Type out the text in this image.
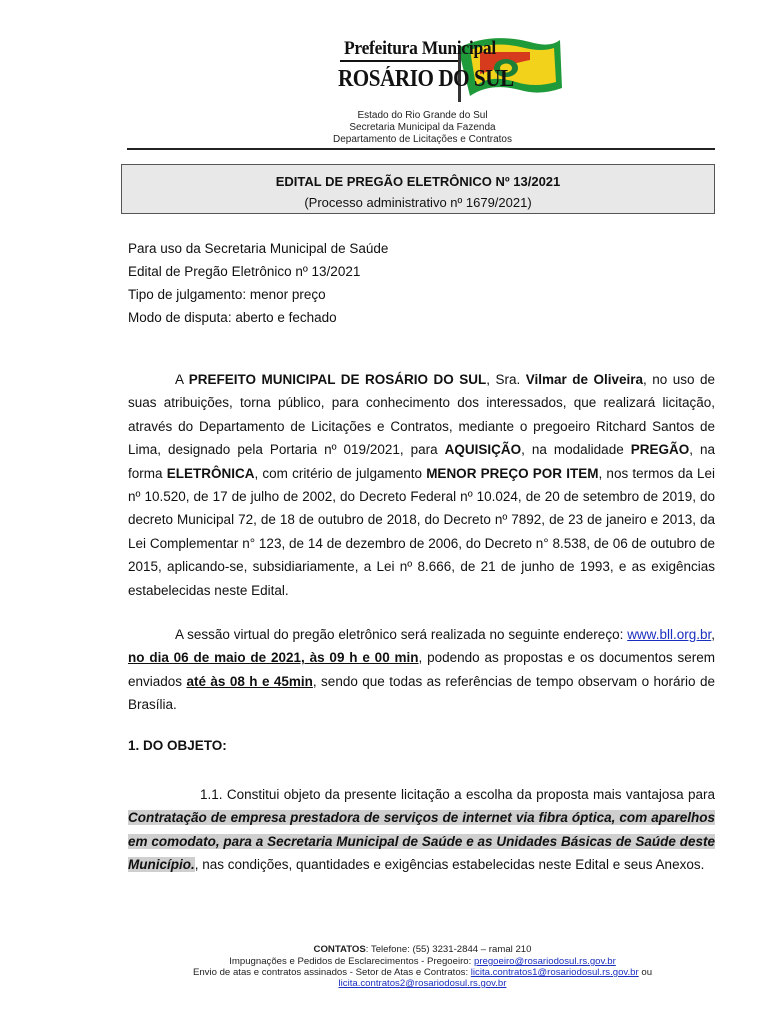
Prefeitura Municipal
ROSÁRIO DO SUL
Estado do Rio Grande do Sul
Secretaria Municipal da Fazenda
Departamento de Licitações e Contratos
EDITAL DE PREGÃO ELETRÔNICO Nº 13/2021
(Processo administrativo nº 1679/2021)
Para uso da Secretaria Municipal de Saúde
Edital de Pregão Eletrônico nº 13/2021
Tipo de julgamento: menor preço
Modo de disputa: aberto e fechado
A PREFEITO MUNICIPAL DE ROSÁRIO DO SUL, Sra. Vilmar de Oliveira, no uso de suas atribuições, torna público, para conhecimento dos interessados, que realizará licitação, através do Departamento de Licitações e Contratos, mediante o pregoeiro Ritchard Santos de Lima, designado pela Portaria nº 019/2021, para AQUISIÇÃO, na modalidade PREGÃO, na forma ELETRÔNICA, com critério de julgamento MENOR PREÇO POR ITEM, nos termos da Lei nº 10.520, de 17 de julho de 2002, do Decreto Federal nº 10.024, de 20 de setembro de 2019, do decreto Municipal 72, de 18 de outubro de 2018, do Decreto nº 7892, de 23 de janeiro e 2013, da Lei Complementar n° 123, de 14 de dezembro de 2006, do Decreto n° 8.538, de 06 de outubro de 2015, aplicando-se, subsidiariamente, a Lei nº 8.666, de 21 de junho de 1993, e as exigências estabelecidas neste Edital.
A sessão virtual do pregão eletrônico será realizada no seguinte endereço: www.bll.org.br, no dia 06 de maio de 2021, às 09 h e 00 min, podendo as propostas e os documentos serem enviados até às 08 h e 45min, sendo que todas as referências de tempo observam o horário de Brasília.
1. DO OBJETO:
1.1. Constitui objeto da presente licitação a escolha da proposta mais vantajosa para Contratação de empresa prestadora de serviços de internet via fibra óptica, com aparelhos em comodato, para a Secretaria Municipal de Saúde e as Unidades Básicas de Saúde deste Município., nas condições, quantidades e exigências estabelecidas neste Edital e seus Anexos.
CONTATOS: Telefone: (55) 3231-2844 – ramal 210
Impugnações e Pedidos de Esclarecimentos - Pregoeiro: pregoeiro@rosariodosul.rs.gov.br
Envio de atas e contratos assinados - Setor de Atas e Contratos: licita.contratos1@rosariodosul.rs.gov.br ou
licita.contratos2@rosariodosul.rs.gov.br
